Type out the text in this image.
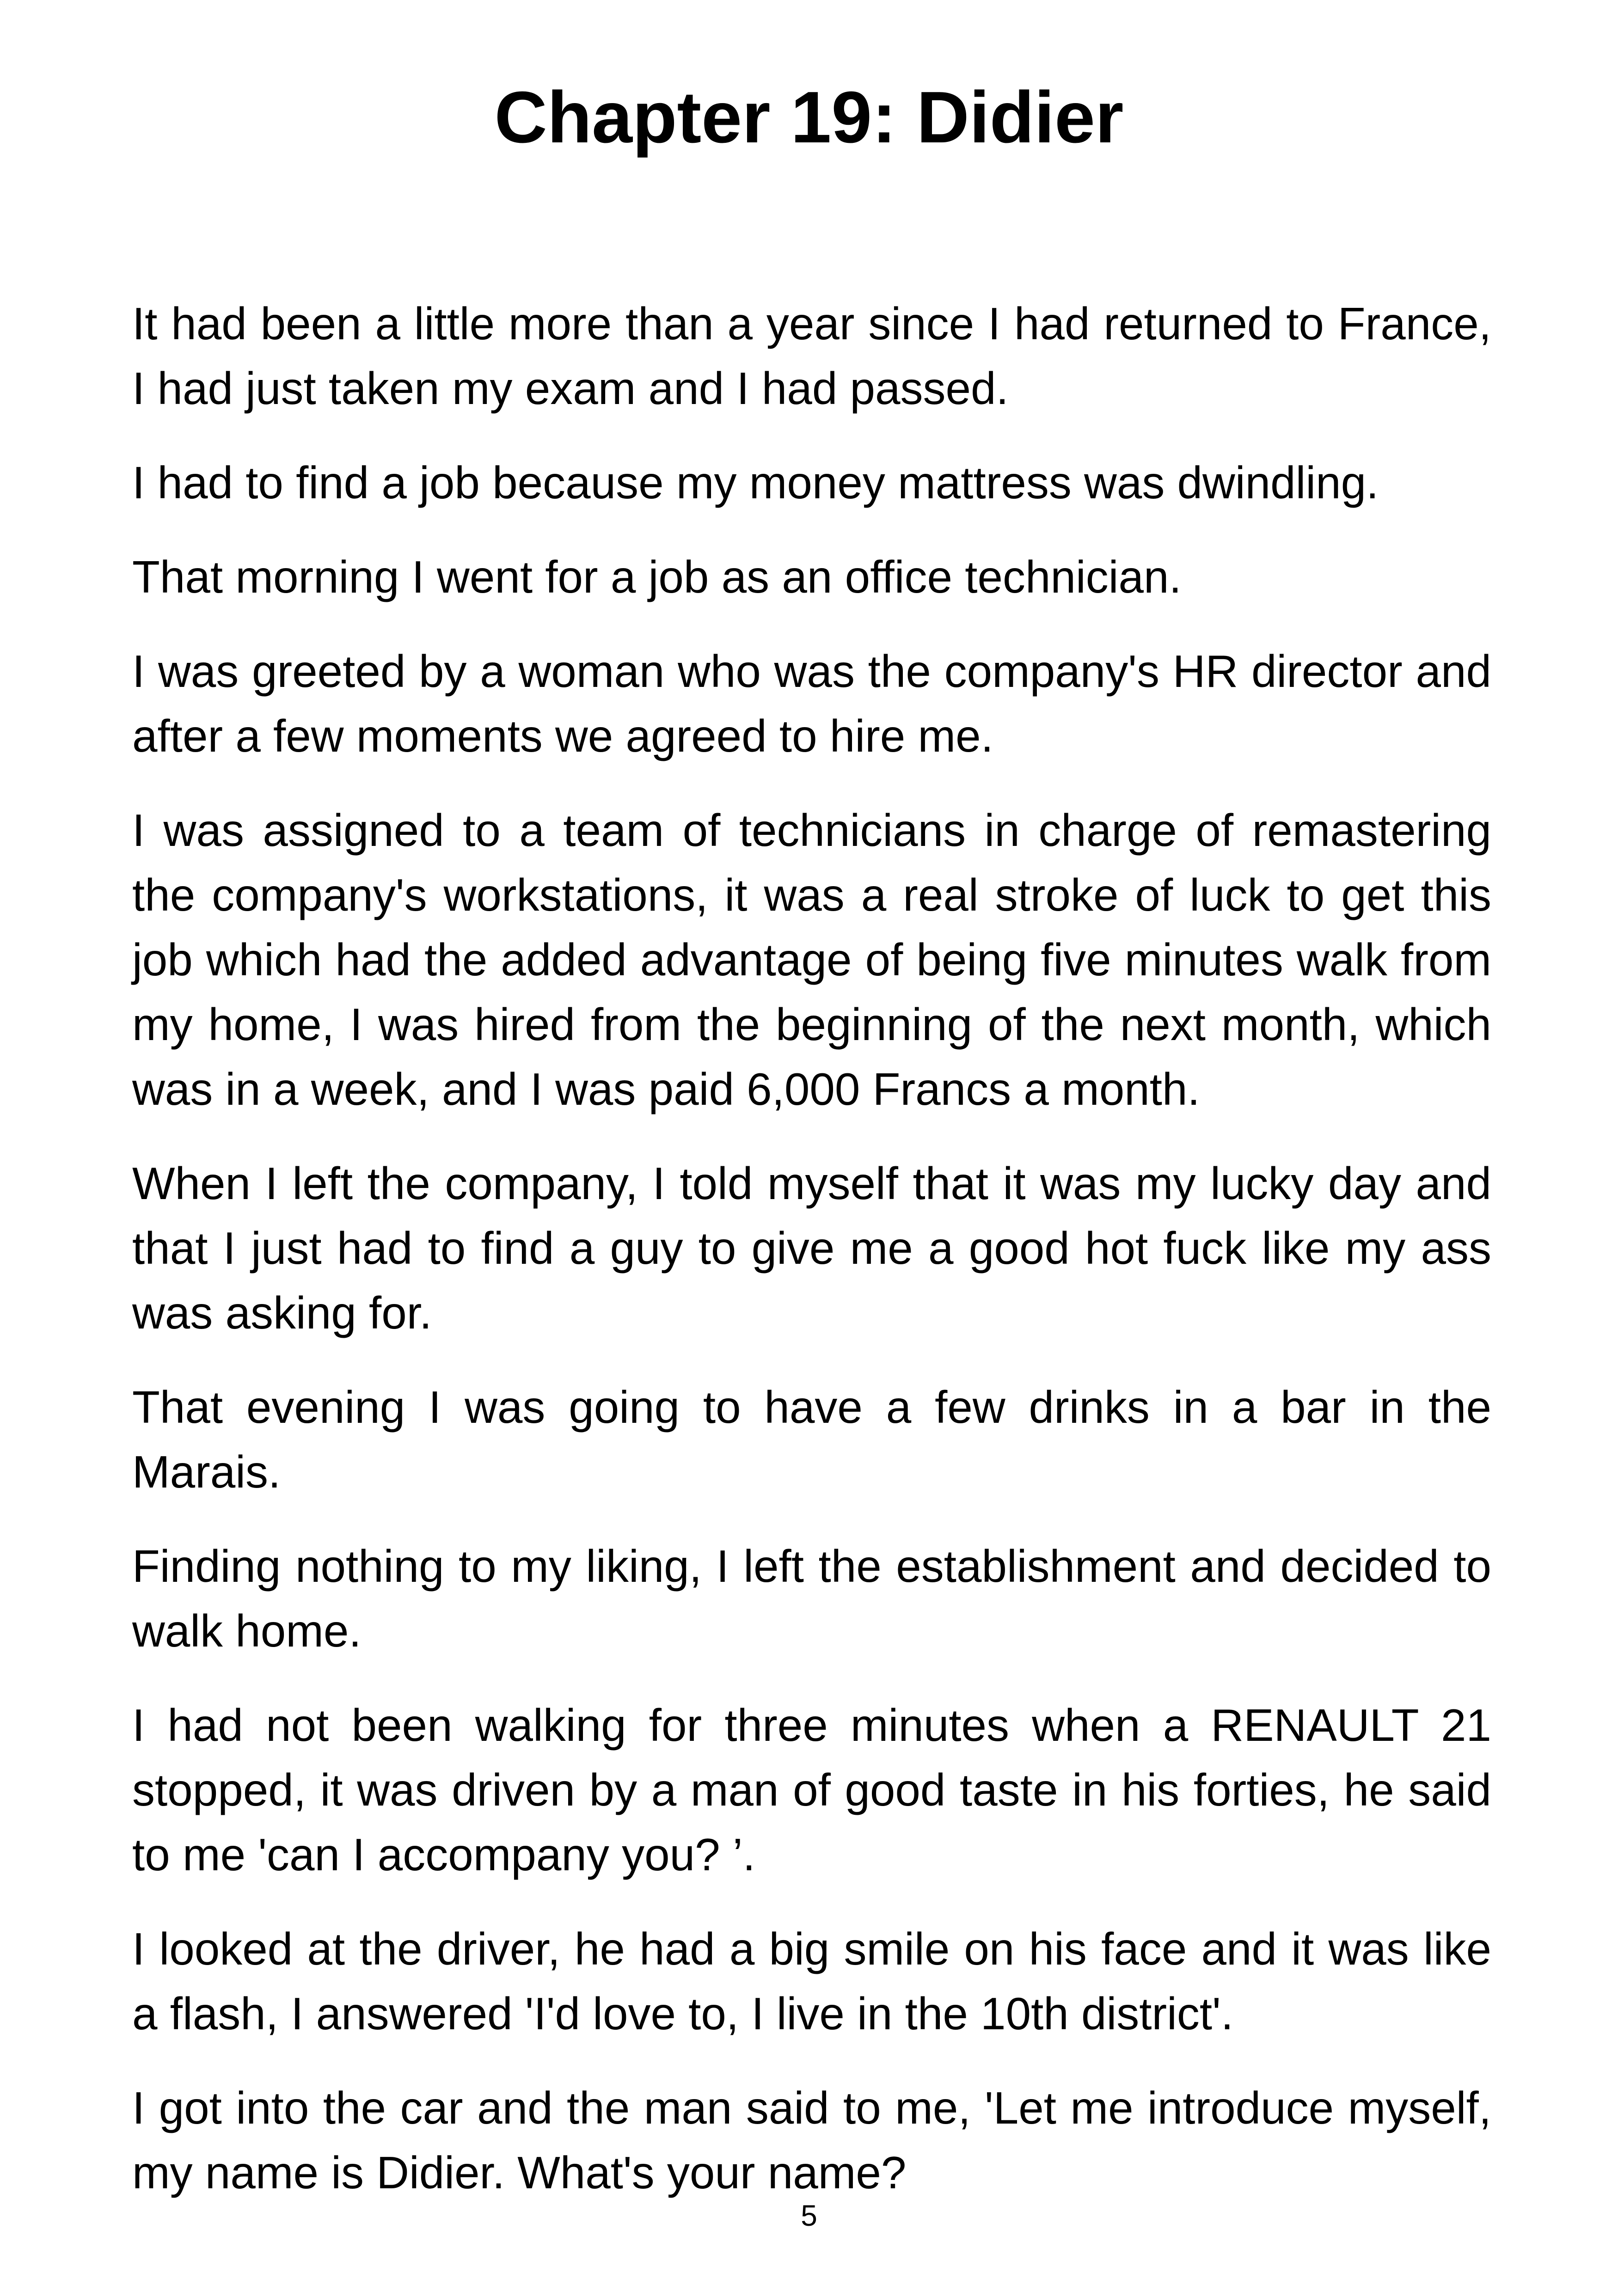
Chapter 19: Didier

It had been a little more than a year since I had returned to France, I had just taken my exam and I had passed.

I had to find a job because my money mattress was dwindling.

That morning I went for a job as an office technician.

I was greeted by a woman who was the company's HR director and after a few moments we agreed to hire me.

I was assigned to a team of technicians in charge of remastering the company's workstations, it was a real stroke of luck to get this job which had the added advantage of being five minutes walk from my home, I was hired from the beginning of the next month, which was in a week, and I was paid 6,000 Francs a month.

When I left the company, I told myself that it was my lucky day and that I just had to find a guy to give me a good hot fuck like my ass was asking for.

That evening I was going to have a few drinks in a bar in the Marais.

Finding nothing to my liking, I left the establishment and decided to walk home.

I had not been walking for three minutes when a RENAULT 21 stopped, it was driven by a man of good taste in his forties, he said to me 'can I accompany you? ’.

I looked at the driver, he had a big smile on his face and it was like a flash, I answered 'I'd love to, I live in the 10th district'.

I got into the car and the man said to me, 'Let me introduce myself, my name is Didier. What's your name?

5
